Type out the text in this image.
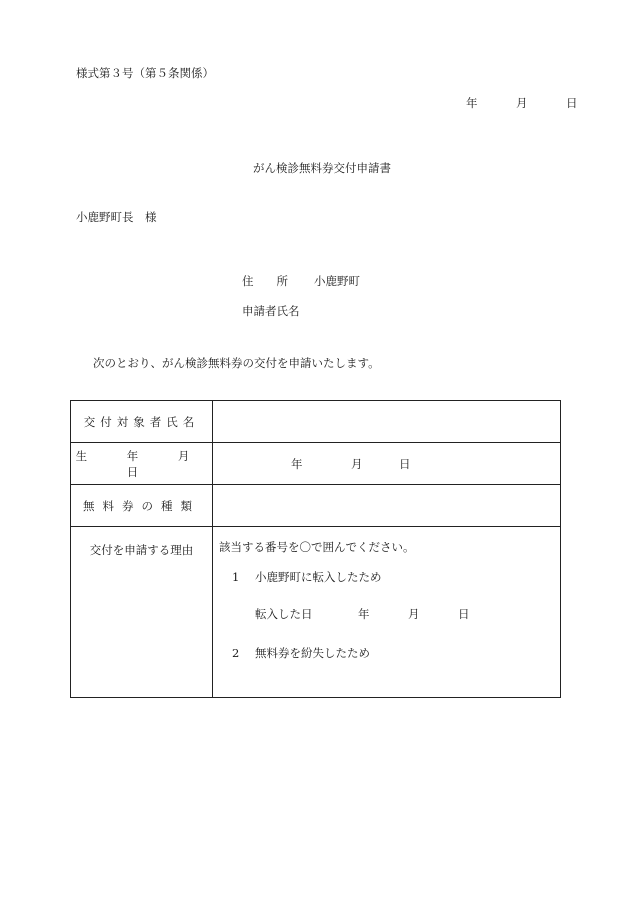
様式第３号（第５条関係）
年	月	日
がん検診無料券交付申請書
小鹿野町長　様
住　　所 小鹿野町
申請者氏名
次のとおり、がん検診無料券の交付を申請いたします。
交付対象者氏名	
生 年 月 日	年 月 日
無料券の種類	
交付を申請する理由	該当する番号を〇で囲んでください。
1 小鹿野町に転入したため
転入した日 年 月 日
2 無料券を紛失したため
